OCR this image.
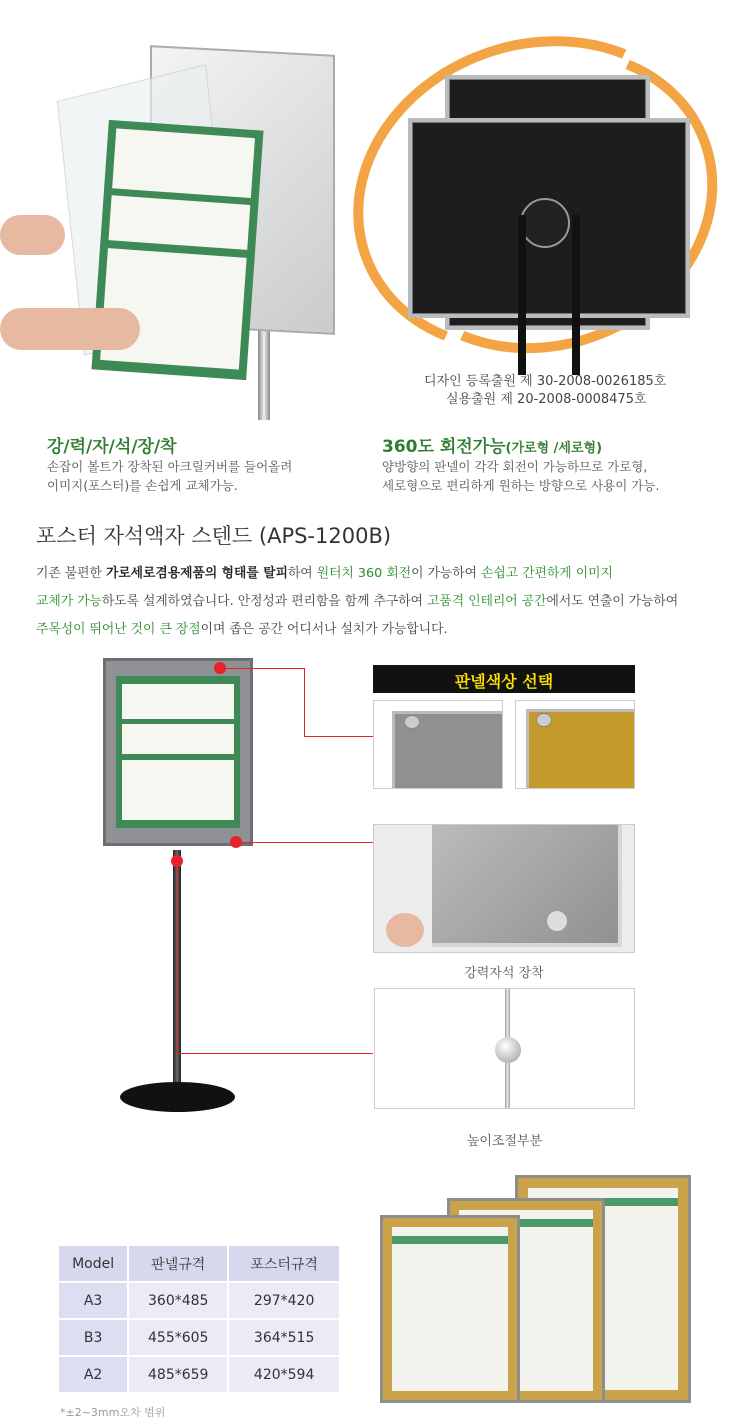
디자인 등록출원 제 30-2008-0026185호
실용출원 제 20-2008-0008475호
강/력/자/석/장/착
손잡이 볼트가 장착된 아크릴커버를 들어올려
이미지(포스터)를 손쉽게 교체가능.
360도 회전가능(가로형 /세로형)
양방향의 판넬이 각각 회전이 가능하므로 가로형,
세로형으로 편리하게 원하는 방향으로 사용이 가능.
포스터 자석액자 스텐드 (APS-1200B)
기존 불편한 가로세로겸용제품의 형태를 탈피하여 원터치 360 회전이 가능하여 손쉽고 간편하게 이미지
교체가 가능하도록 설계하였습니다. 안정성과 편리함을 함께 추구하여 고품격 인테리어 공간에서도 연출이 가능하여
주목성이 뛰어난 것이 큰 장점이며 좁은 공간 어디서나 설치가 가능합니다.
판넬색상 선택
강력자석 장착
높이조절부분
Model	판넬규격	포스터규격
A3	360*485	297*420
B3	455*605	364*515
A2	485*659	420*594
*±2~3mm오차 범위
